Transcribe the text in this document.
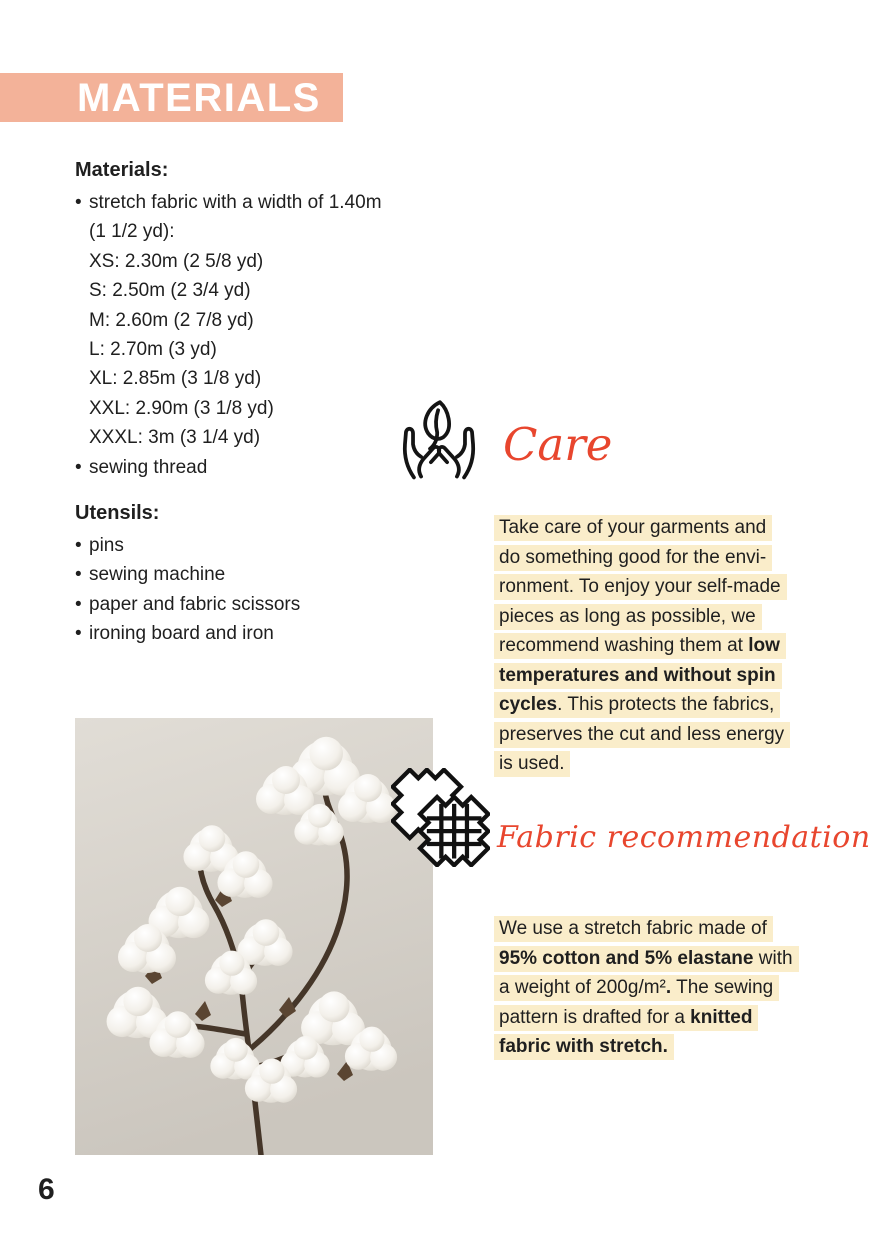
MATERIALS
Materials:
• stretch fabric with a width of 1.40m
(1 1/2 yd):
XS: 2.30m (2 5/8 yd)
S: 2.50m (2 3/4 yd)
M: 2.60m (2 7/8 yd)
L: 2.70m (3 yd)
XL: 2.85m (3 1/8 yd)
XXL: 2.90m (3 1/8 yd)
XXXL: 3m (3 1/4 yd)
• sewing thread
Utensils:
• pins
• sewing machine
• paper and fabric scissors
• ironing board and iron
Care
Take care of your garments and
do something good for the envi-
ronment. To enjoy your self-made
pieces as long as possible, we
recommend washing them at low
temperatures and without spin
cycles. This protects the fabrics,
preserves the cut and less energy
is used.
Fabric recommendation
We use a stretch fabric made of
95% cotton and 5% elastane with
a weight of 200g/m². The sewing
pattern is drafted for a knitted
fabric with stretch.
6
